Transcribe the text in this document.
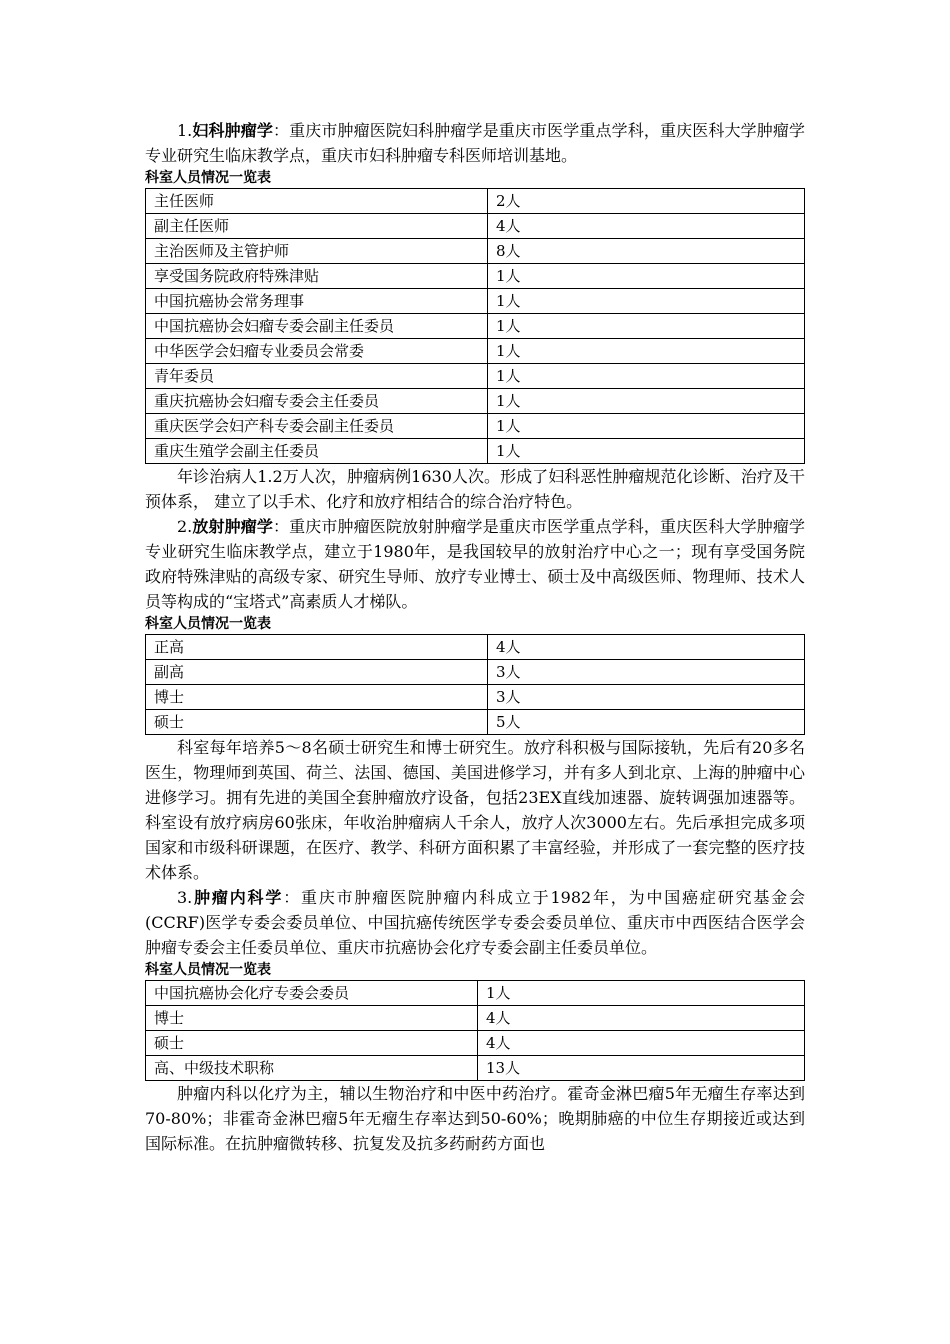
1.妇科肿瘤学：重庆市肿瘤医院妇科肿瘤学是重庆市医学重点学科，重庆医科大学肿瘤学专业研究生临床教学点，重庆市妇科肿瘤专科医师培训基地。

科室人员情况一览表
主任医师	2人
副主任医师	4人
主治医师及主管护师	8人
享受国务院政府特殊津贴	1人
中国抗癌协会常务理事	1人
中国抗癌协会妇瘤专委会副主任委员	1人
中华医学会妇瘤专业委员会常委	1人
青年委员	1人
重庆抗癌协会妇瘤专委会主任委员	1人
重庆医学会妇产科专委会副主任委员	1人
重庆生殖学会副主任委员	1人

年诊治病人1.2万人次，肿瘤病例1630人次。形成了妇科恶性肿瘤规范化诊断、治疗及干预体系， 建立了以手术、化疗和放疗相结合的综合治疗特色。

2.放射肿瘤学：重庆市肿瘤医院放射肿瘤学是重庆市医学重点学科，重庆医科大学肿瘤学专业研究生临床教学点，建立于1980年，是我国较早的放射治疗中心之一；现有享受国务院政府特殊津贴的高级专家、研究生导师、放疗专业博士、硕士及中高级医师、物理师、技术人员等构成的“宝塔式”高素质人才梯队。

科室人员情况一览表
正高	4人
副高	3人
博士	3人
硕士	5人

科室每年培养5～8名硕士研究生和博士研究生。放疗科积极与国际接轨，先后有20多名医生，物理师到英国、荷兰、法国、德国、美国进修学习，并有多人到北京、上海的肿瘤中心进修学习。拥有先进的美国全套肿瘤放疗设备，包括23EX直线加速器、旋转调强加速器等。科室设有放疗病房60张床，年收治肿瘤病人千余人，放疗人次3000左右。先后承担完成多项国家和市级科研课题，在医疗、教学、科研方面积累了丰富经验，并形成了一套完整的医疗技术体系。

3.肿瘤内科学：重庆市肿瘤医院肿瘤内科成立于1982年，为中国癌症研究基金会(CCRF)医学专委会委员单位、中国抗癌传统医学专委会委员单位、重庆市中西医结合医学会肿瘤专委会主任委员单位、重庆市抗癌协会化疗专委会副主任委员单位。

科室人员情况一览表
中国抗癌协会化疗专委会委员	1人
博士	4人
硕士	4人
高、中级技术职称	13人

肿瘤内科以化疗为主，辅以生物治疗和中医中药治疗。霍奇金淋巴瘤5年无瘤生存率达到70-80%；非霍奇金淋巴瘤5年无瘤生存率达到50-60%；晚期肺癌的中位生存期接近或达到国际标准。在抗肿瘤微转移、抗复发及抗多药耐药方面也
